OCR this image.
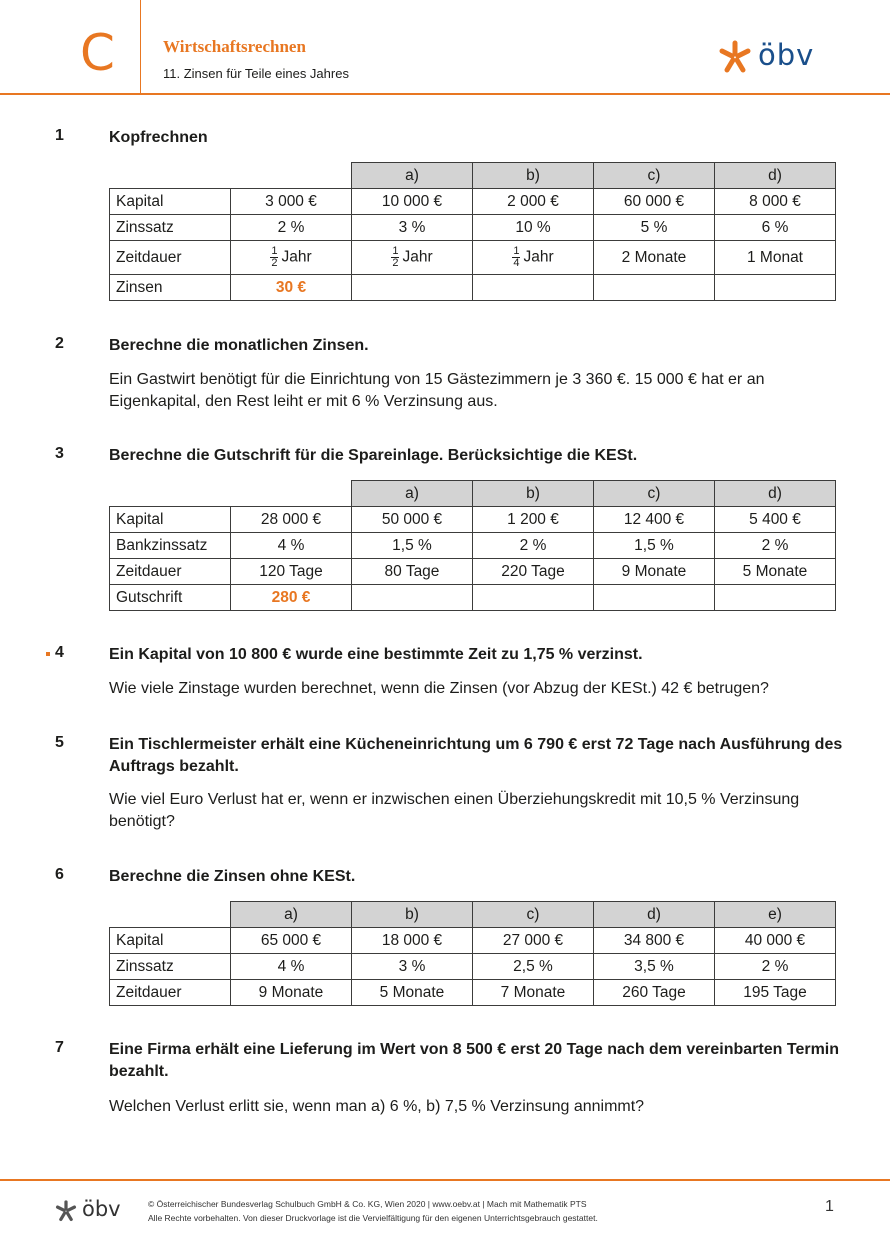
C	Wirtschaftsrechnen
11. Zinsen für Teile eines Jahres
öbv
1	Kopfrechnen
		a)	b)	c)	d)
Kapital	3 000 €	10 000 €	2 000 €	60 000 €	8 000 €
Zinssatz	2 %	3 %	10 %	5 %	6 %
Zeitdauer	$\frac{1}{2}$ Jahr	$\frac{1}{2}$ Jahr	$\frac{1}{4}$ Jahr	2 Monate	1 Monat
Zinsen	30 €				
2	Berechne die monatlichen Zinsen.
Ein Gastwirt benötigt für die Einrichtung von 15 Gästezimmern je 3 360 €. 15 000 € hat er an Eigenkapital, den Rest leiht er mit 6 % Verzinsung aus.
3	Berechne die Gutschrift für die Spareinlage. Berücksichtige die KESt.
		a)	b)	c)	d)
Kapital	28 000 €	50 000 €	1 200 €	12 400 €	5 400 €
Bankzinssatz	4 %	1,5 %	2 %	1,5 %	2 %
Zeitdauer	120 Tage	80 Tage	220 Tage	9 Monate	5 Monate
Gutschrift	280 €				
4	Ein Kapital von 10 800 € wurde eine bestimmte Zeit zu 1,75 % verzinst.
Wie viele Zinstage wurden berechnet, wenn die Zinsen (vor Abzug der KESt.) 42 € betrugen?
5	Ein Tischlermeister erhält eine Kücheneinrichtung um 6 790 € erst 72 Tage nach Ausführung des Auftrags bezahlt.
Wie viel Euro Verlust hat er, wenn er inzwischen einen Überziehungskredit mit 10,5 % Verzinsung benötigt?
6	Berechne die Zinsen ohne KESt.
	a)	b)	c)	d)	e)
Kapital	65 000 €	18 000 €	27 000 €	34 800 €	40 000 €
Zinssatz	4 %	3 %	2,5 %	3,5 %	2 %
Zeitdauer	9 Monate	5 Monate	7 Monate	260 Tage	195 Tage
7	Eine Firma erhält eine Lieferung im Wert von 8 500 € erst 20 Tage nach dem vereinbarten Termin bezahlt.
Welchen Verlust erlitt sie, wenn man a) 6 %, b) 7,5 % Verzinsung annimmt?
öbv	© Österreichischer Bundesverlag Schulbuch GmbH & Co. KG, Wien 2020 | www.oebv.at | Mach mit Mathematik PTS
Alle Rechte vorbehalten. Von dieser Druckvorlage ist die Vervielfältigung für den eigenen Unterrichtsgebrauch gestattet.
1
